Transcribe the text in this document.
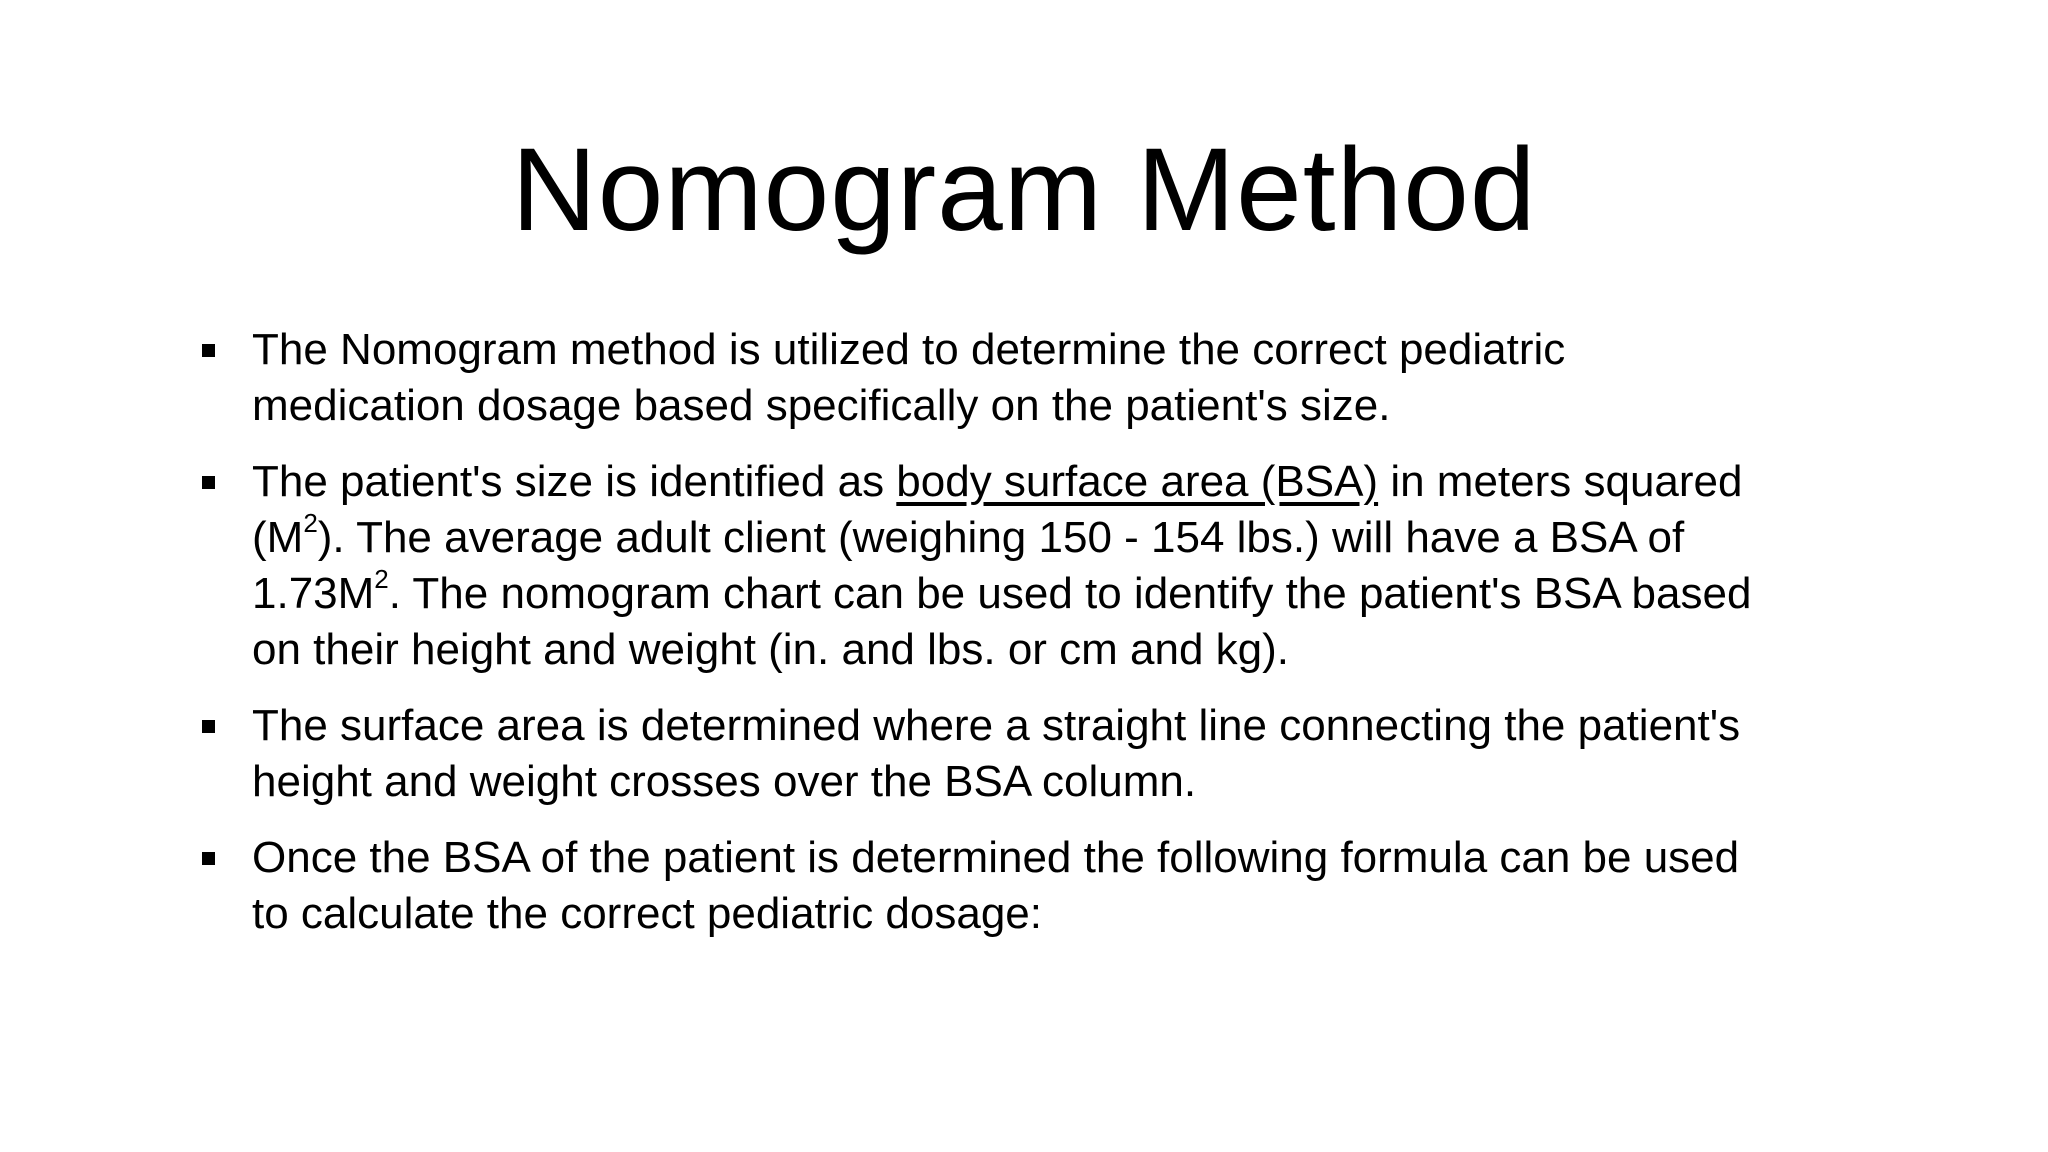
Nomogram Method
The Nomogram method is utilized to determine the correct pediatric medication dosage based specifically on the patient's size.
The patient's size is identified as body surface area (BSA) in meters squared $(M^2)$. The average adult client (weighing 150 - 154 lbs.) will have a BSA of $1.73M^2$. The nomogram chart can be used to identify the patient's BSA based on their height and weight (in. and lbs. or cm and kg).
The surface area is determined where a straight line connecting the patient's height and weight crosses over the BSA column.
Once the BSA of the patient is determined the following formula can be used to calculate the correct pediatric dosage:
